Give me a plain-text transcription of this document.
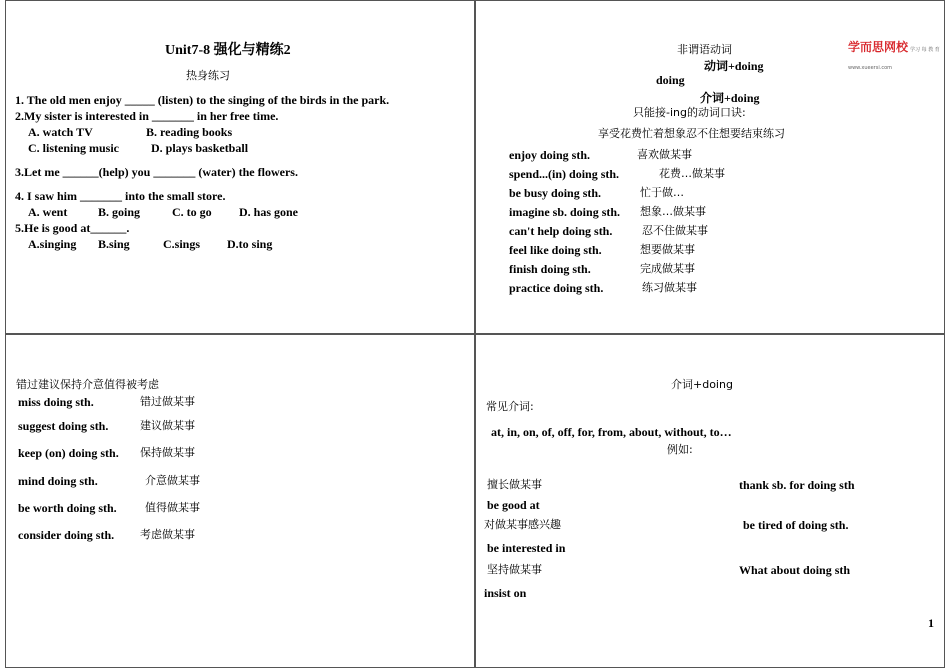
Unit7-8 强化与精练2
热身练习
1. The old men enjoy _____ (listen) to the singing of the birds in the park.
2.My sister is interested in _______ in her free time.
A. watch TV	B. reading books
C. listening music	D. plays basketball
3.Let me ______(help) you _______ (water) the flowers.
4. I saw him _______ into the small store.
A. went	B. going	C. to go D. has gone
5.He is good at______.
A.singing B.sing	C.sings D.to sing
学而思网校 学习 每 教 育 www.xueersi.com
非谓语动词
动词+doing
doing
介词+doing
只能接-ing的动词口诀:
享受花费忙着想象忍不住想要结束练习
enjoy doing sth.	喜欢做某事
spend...(in) doing sth.	花费…做某事
be busy doing sth.	忙于做…
imagine sb. doing sth. 想象…做某事
can't help doing sth.	忍不住做某事
feel like doing sth.	想要做某事
finish doing sth.	完成做某事
practice doing sth.	练习做某事
错过建议保持介意值得被考虑
miss doing sth.	错过做某事
suggest doing sth.	建议做某事
keep (on) doing sth. 保持做某事
mind doing sth.	介意做某事
be worth doing sth.	值得做某事
consider doing sth. 考虑做某事
介词+doing
常见介词:
at, in, on, of, off, for, from, about, without, to…
例如:
擅长做某事
be good at
对做某事感兴趣
be interested in
坚持做某事
insist on
thank sb. for doing sth
be tired of doing sth.
What about doing sth
1
